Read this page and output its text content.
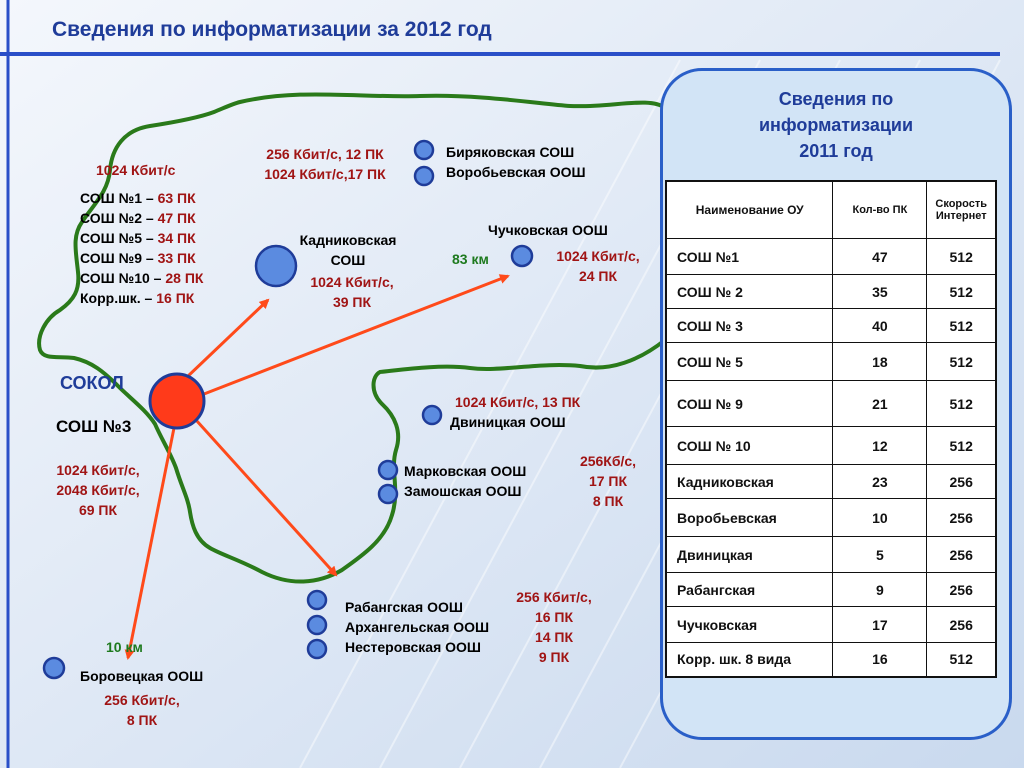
Сведения по информатизации за 2012 год
1024 Кбит/с
СОШ №1 – 63 ПК
СОШ №2 – 47 ПК
СОШ №5 – 34 ПК
СОШ №9 – 33 ПК
СОШ №10 – 28 ПК
Корр.шк. – 16 ПК
СОКОЛ
СОШ №3
1024 Кбит/с,
2048 Кбит/с,
69 ПК
Кадниковская
СОШ
1024 Кбит/с,
39 ПК
256 Кбит/с, 12 ПК
1024 Кбит/с,17 ПК
Биряковская СОШ
Воробьевская ООШ
Чучковская ООШ
83 км	1024 Кбит/с,
24 ПК
1024 Кбит/с, 13 ПК
Двиницкая ООШ
Марковская ООШ
Замошская ООШ
256Кб/с,
17 ПК
8 ПК
Рабангская ООШ
Архангельская ООШ
Нестеровская ООШ
256 Кбит/с,
16 ПК
14 ПК
9 ПК
10 км
Боровецкая ООШ
256 Кбит/с,
8 ПК
Сведения по
информатизации
2011 год
Наименование ОУ	Кол-во ПК	Скорость Интернет
СОШ №1	47	512
СОШ № 2	35	512
СОШ № 3	40	512
СОШ № 5	18	512
СОШ № 9	21	512
СОШ № 10	12	512
Кадниковская	23	256
Воробьевская	10	256
Двиницкая	5	256
Рабангская	9	256
Чучковская	17	256
Корр. шк. 8 вида	16	512
